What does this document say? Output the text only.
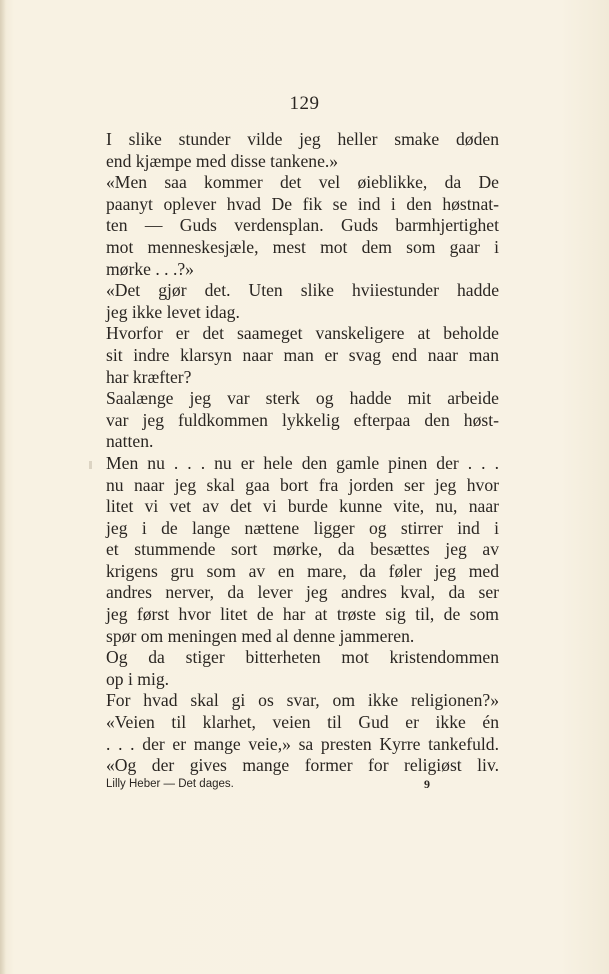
129
I slike stunder vilde jeg heller smake døden
end kjæmpe med disse tankene.»
«Men saa kommer det vel øieblikke, da De
paanyt oplever hvad De fik se ind i den høstnat-
ten — Guds verdensplan. Guds barmhjertighet
mot menneskesjæle, mest mot dem som gaar i
mørke . . .?»
«Det gjør det. Uten slike hviiestunder hadde
jeg ikke levet idag.
Hvorfor er det saameget vanskeligere at beholde
sit indre klarsyn naar man er svag end naar man
har kræfter?
Saalænge jeg var sterk og hadde mit arbeide
var jeg fuldkommen lykkelig efterpaa den høst-
natten.
Men nu . . . nu er hele den gamle pinen der . . .
nu naar jeg skal gaa bort fra jorden ser jeg hvor
litet vi vet av det vi burde kunne vite, nu, naar
jeg i de lange nættene ligger og stirrer ind i
et stummende sort mørke, da besættes jeg av
krigens gru som av en mare, da føler jeg med
andres nerver, da lever jeg andres kval, da ser
jeg først hvor litet de har at trøste sig til, de som
spør om meningen med al denne jammeren.
Og da stiger bitterheten mot kristendommen
op i mig.
For hvad skal gi os svar, om ikke religionen?»
«Veien til klarhet, veien til Gud er ikke én
. . . der er mange veie,» sa presten Kyrre tankefuld.
«Og der gives mange former for religiøst liv.
Lilly Heber — Det dages.	9
